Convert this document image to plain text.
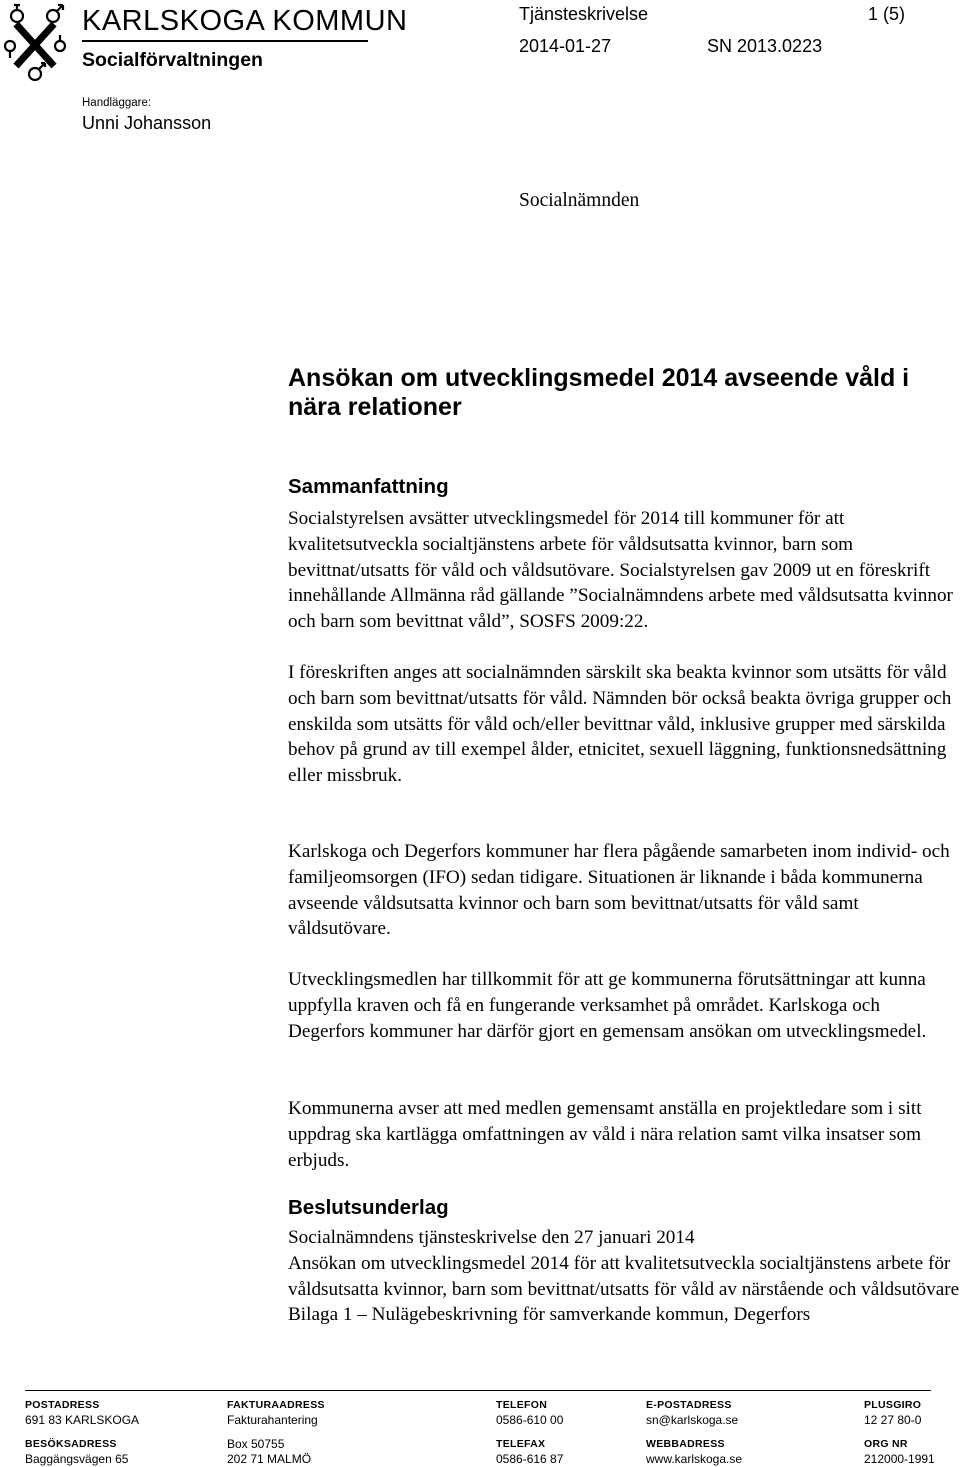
KARLSKOGA KOMMUN
Socialförvaltningen
Tjänsteskrivelse	1 (5)
2014-01-27	SN 2013.0223
Handläggare:
Unni Johansson
Socialnämnden
Ansökan om utvecklingsmedel 2014 avseende våld i nära relationer
Sammanfattning
Socialstyrelsen avsätter utvecklingsmedel för 2014 till kommuner för att kvalitetsutveckla socialtjänstens arbete för våldsutsatta kvinnor, barn som bevittnat/utsatts för våld och våldsutövare. Socialstyrelsen gav 2009 ut en föreskrift innehållande Allmänna råd gällande ”Socialnämndens arbete med våldsutsatta kvinnor och barn som bevittnat våld”, SOSFS 2009:22.
I föreskriften anges att socialnämnden särskilt ska beakta kvinnor som utsätts för våld och barn som bevittnat/utsatts för våld. Nämnden bör också beakta övriga grupper och enskilda som utsätts för våld och/eller bevittnar våld, inklusive grupper med särskilda behov på grund av till exempel ålder, etnicitet, sexuell läggning, funktionsnedsättning eller missbruk.
Karlskoga och Degerfors kommuner har flera pågående samarbeten inom individ- och familjeomsorgen (IFO) sedan tidigare. Situationen är liknande i båda kommunerna avseende våldsutsatta kvinnor och barn som bevittnat/utsatts för våld samt våldsutövare.
Utvecklingsmedlen har tillkommit för att ge kommunerna förutsättningar att kunna uppfylla kraven och få en fungerande verksamhet på området. Karlskoga och Degerfors kommuner har därför gjort en gemensam ansökan om utvecklingsmedel.
Kommunerna avser att med medlen gemensamt anställa en projektledare som i sitt uppdrag ska kartlägga omfattningen av våld i nära relation samt vilka insatser som erbjuds.
Beslutsunderlag

Socialnämndens tjänsteskrivelse den 27 januari 2014

Ansökan om utvecklingsmedel 2014 för att kvalitetsutveckla socialtjänstens arbete för våldsutsatta kvinnor, barn som bevittnat/utsatts för våld av närstående och våldsutövare

Bilaga 1 – Nulägebeskrivning för samverkande kommun, Degerfors

POSTADRESS
691 83 KARLSKOGA
BESÖKSADRESS
Baggängsvägen 65
FAKTURAADRESS
Fakturahantering
Box 50755
202 71 MALMÖ
TELEFON
0586-610 00
TELEFAX
0586-616 87
E-POSTADRESS
sn@karlskoga.se
WEBBADRESS
www.karlskoga.se
PLUSGIRO
12 27 80-0
ORG NR
212000-1991
